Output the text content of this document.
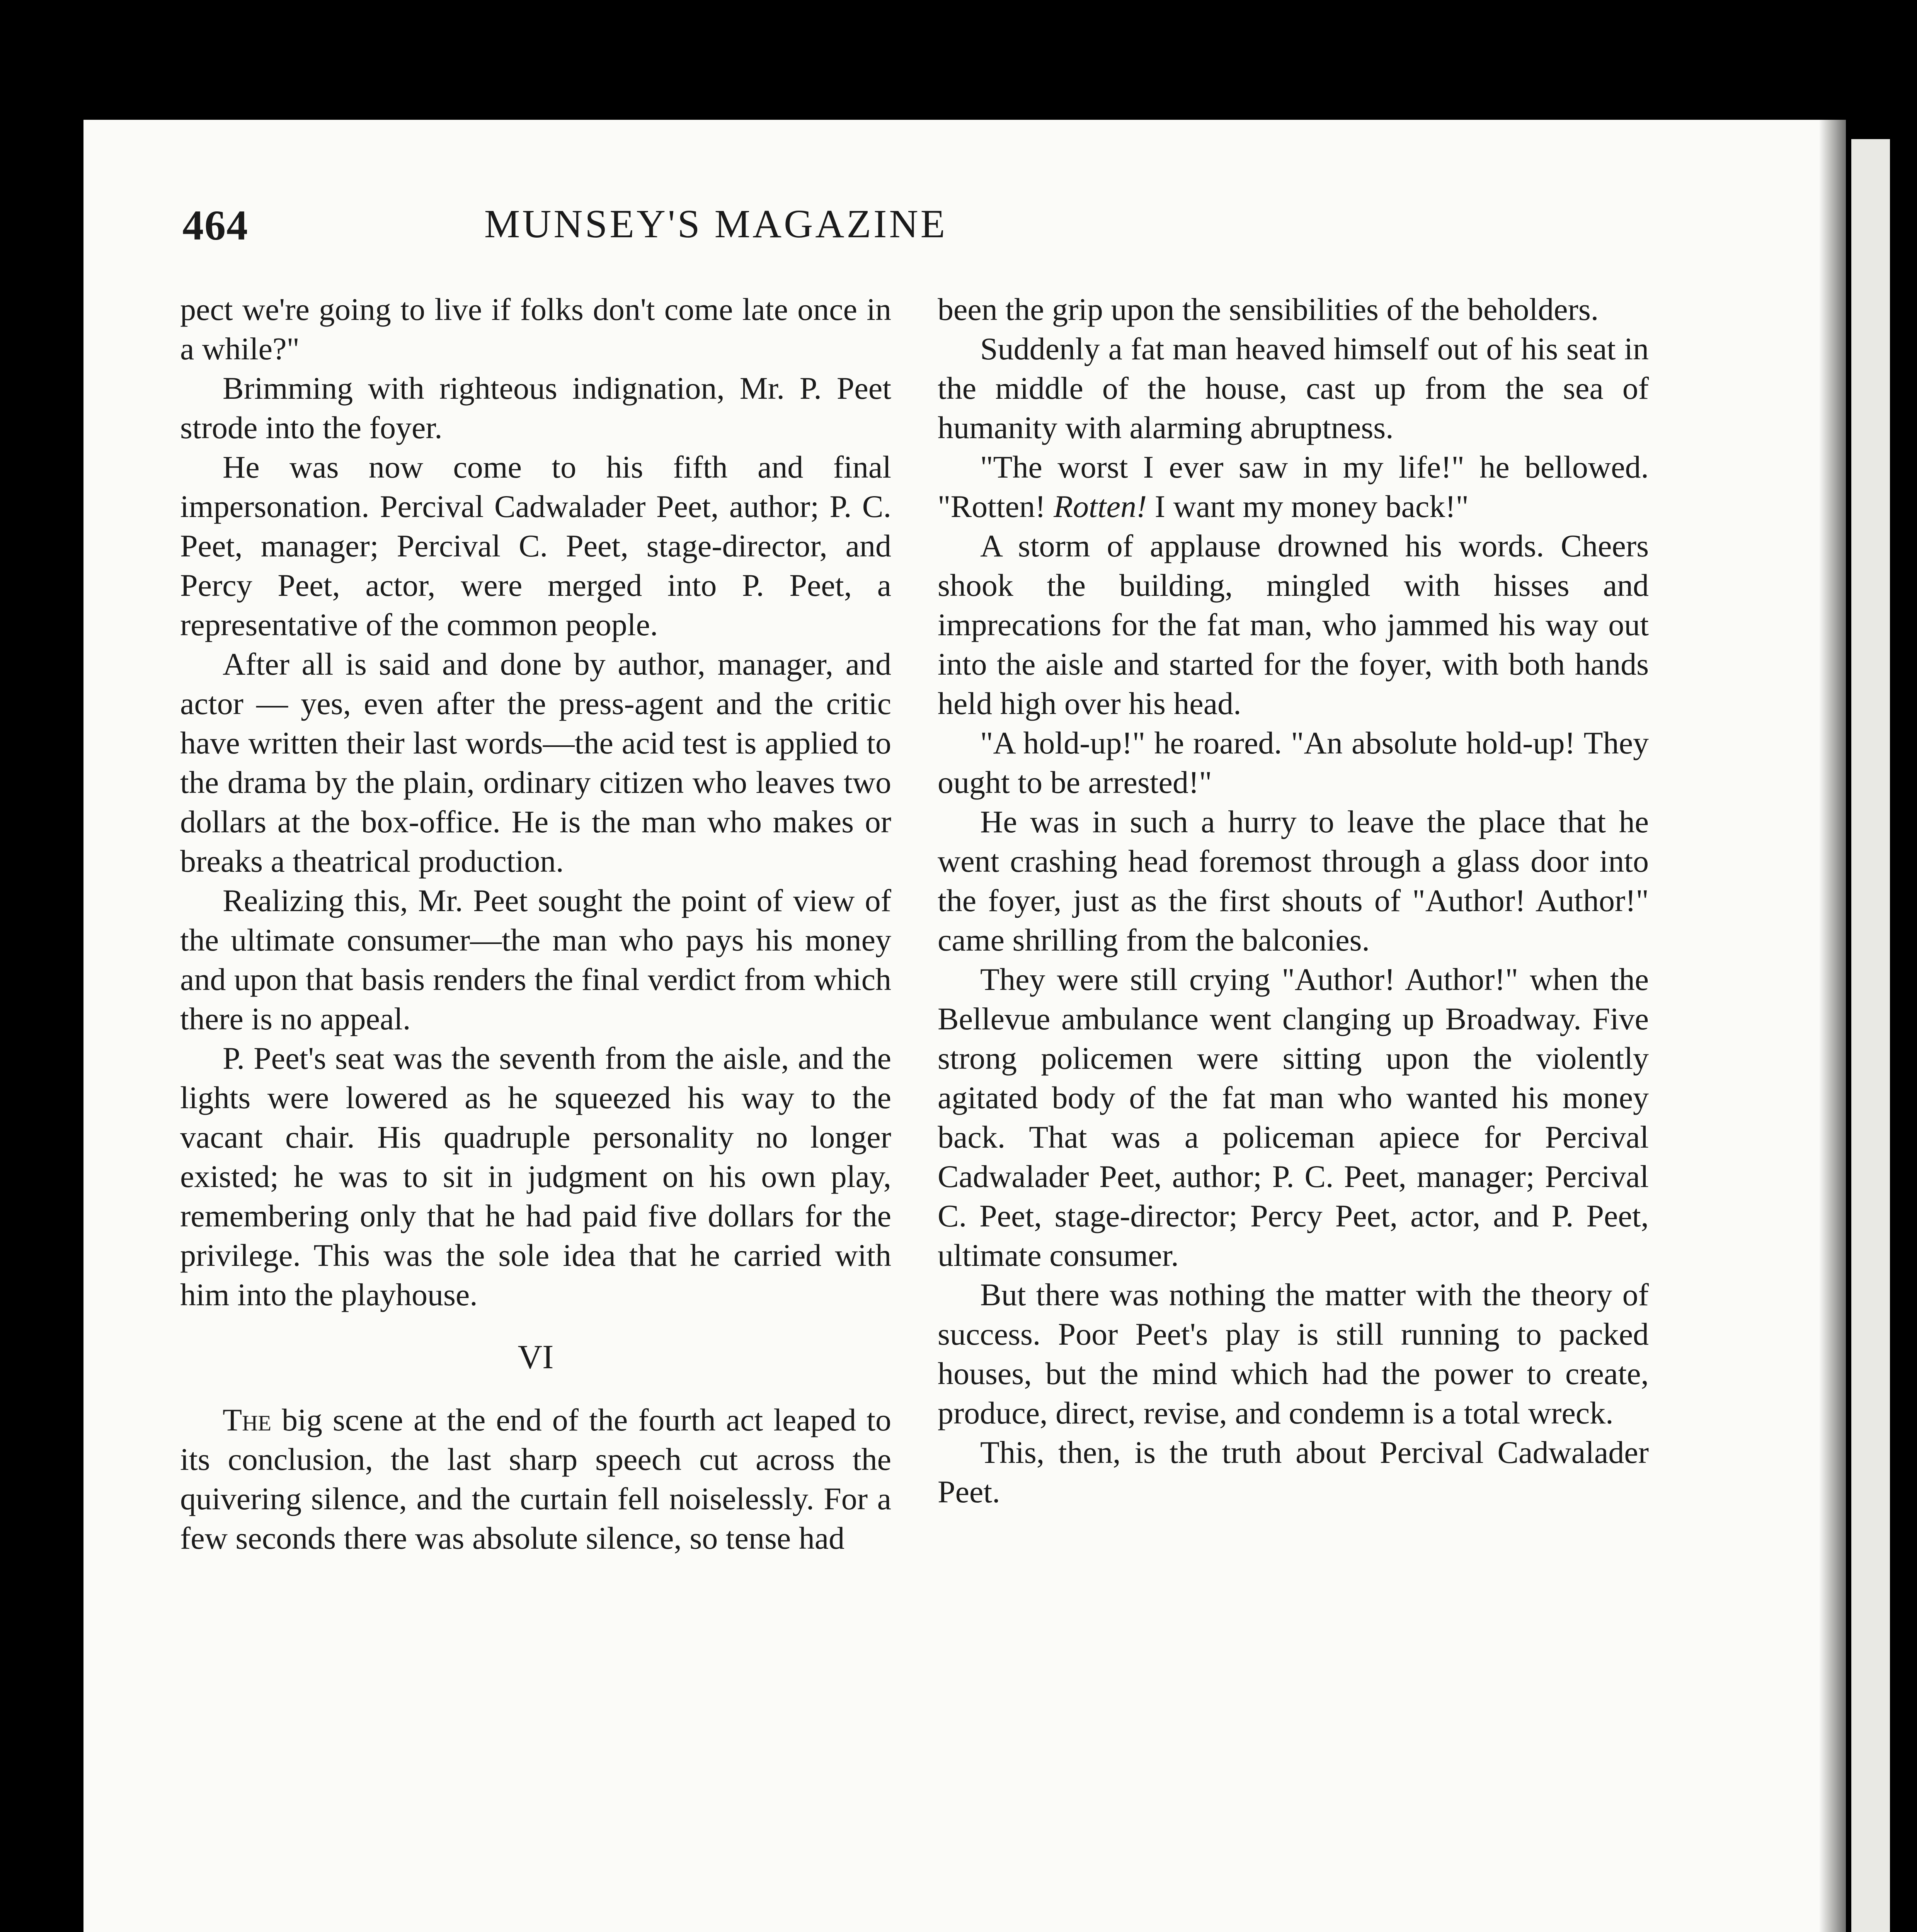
464	MUNSEY'S MAGAZINE

pect we're going to live if folks don't come late once in a while?"

Brimming with righteous indignation, Mr. P. Peet strode into the foyer.

He was now come to his fifth and final impersonation. Percival Cadwalader Peet, author; P. C. Peet, manager; Percival C. Peet, stage-director, and Percy Peet, actor, were merged into P. Peet, a representative of the common people.

After all is said and done by author, manager, and actor — yes, even after the press-agent and the critic have written their last words—the acid test is applied to the drama by the plain, ordinary citizen who leaves two dollars at the box-office. He is the man who makes or breaks a theatrical production.

Realizing this, Mr. Peet sought the point of view of the ultimate consumer—the man who pays his money and upon that basis renders the final verdict from which there is no appeal.

P. Peet's seat was the seventh from the aisle, and the lights were lowered as he squeezed his way to the vacant chair. His quadruple personality no longer existed; he was to sit in judgment on his own play, remembering only that he had paid five dollars for the privilege. This was the sole idea that he carried with him into the playhouse.

VI

The big scene at the end of the fourth act leaped to its conclusion, the last sharp speech cut across the quivering silence, and the curtain fell noiselessly. For a few seconds there was absolute silence, so tense had

been the grip upon the sensibilities of the beholders.

Suddenly a fat man heaved himself out of his seat in the middle of the house, cast up from the sea of humanity with alarming abruptness.

"The worst I ever saw in my life!" he bellowed. "Rotten! Rotten! I want my money back!"

A storm of applause drowned his words. Cheers shook the building, mingled with hisses and imprecations for the fat man, who jammed his way out into the aisle and started for the foyer, with both hands held high over his head.

"A hold-up!" he roared. "An absolute hold-up! They ought to be arrested!"

He was in such a hurry to leave the place that he went crashing head foremost through a glass door into the foyer, just as the first shouts of "Author! Author!" came shrilling from the balconies.

They were still crying "Author! Author!" when the Bellevue ambulance went clanging up Broadway. Five strong policemen were sitting upon the violently agitated body of the fat man who wanted his money back. That was a policeman apiece for Percival Cadwalader Peet, author; P. C. Peet, manager; Percival C. Peet, stage-director; Percy Peet, actor, and P. Peet, ultimate consumer.

But there was nothing the matter with the theory of success. Poor Peet's play is still running to packed houses, but the mind which had the power to create, produce, direct, revise, and condemn is a total wreck.

This, then, is the truth about Percival Cadwalader Peet.
